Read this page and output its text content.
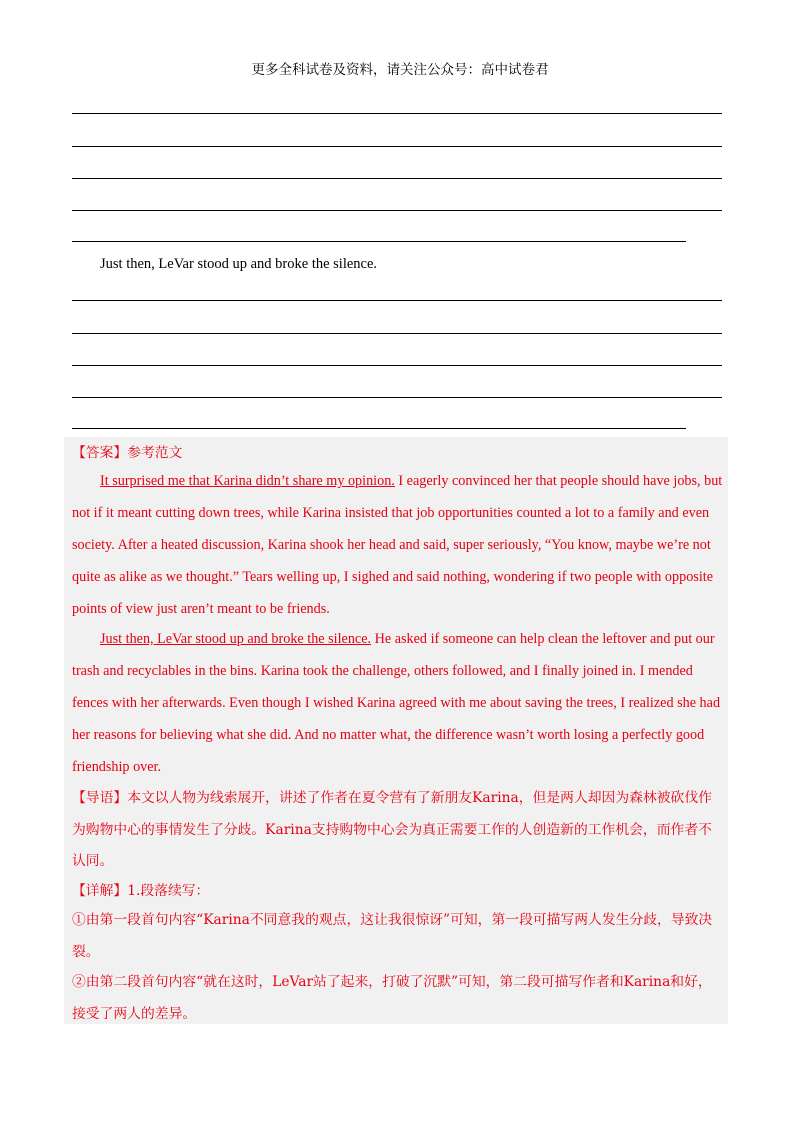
更多全科试卷及资料，请关注公众号：高中试卷君
Just then, LeVar stood up and broke the silence.

【答案】参考范文

It surprised me that Karina didn’t share my opinion. I eagerly convinced her that people should have jobs, but not if it meant cutting down trees, while Karina insisted that job opportunities counted a lot to a family and even society. After a heated discussion, Karina shook her head and said, super seriously, “You know, maybe we’re not quite as alike as we thought.” Tears welling up, I sighed and said nothing, wondering if two people with opposite points of view just aren’t meant to be friends.

Just then, LeVar stood up and broke the silence. He asked if someone can help clean the leftover and put our trash and recyclables in the bins. Karina took the challenge, others followed, and I finally joined in. I mended fences with her afterwards. Even though I wished Karina agreed with me about saving the trees, I realized she had her reasons for believing what she did. And no matter what, the difference wasn’t worth losing a perfectly good friendship over.

【导语】本文以人物为线索展开，讲述了作者在夏令营有了新朋友Karina，但是两人却因为森林被砍伐作为购物中心的事情发生了分歧。Karina支持购物中心会为真正需要工作的人创造新的工作机会，而作者不认同。

【详解】1.段落续写：

①由第一段首句内容“Karina不同意我的观点，这让我很惊讶”可知，第一段可描写两人发生分歧，导致决裂。

②由第二段首句内容“就在这时，LeVar站了起来，打破了沉默”可知，第二段可描写作者和Karina和好，接受了两人的差异。
